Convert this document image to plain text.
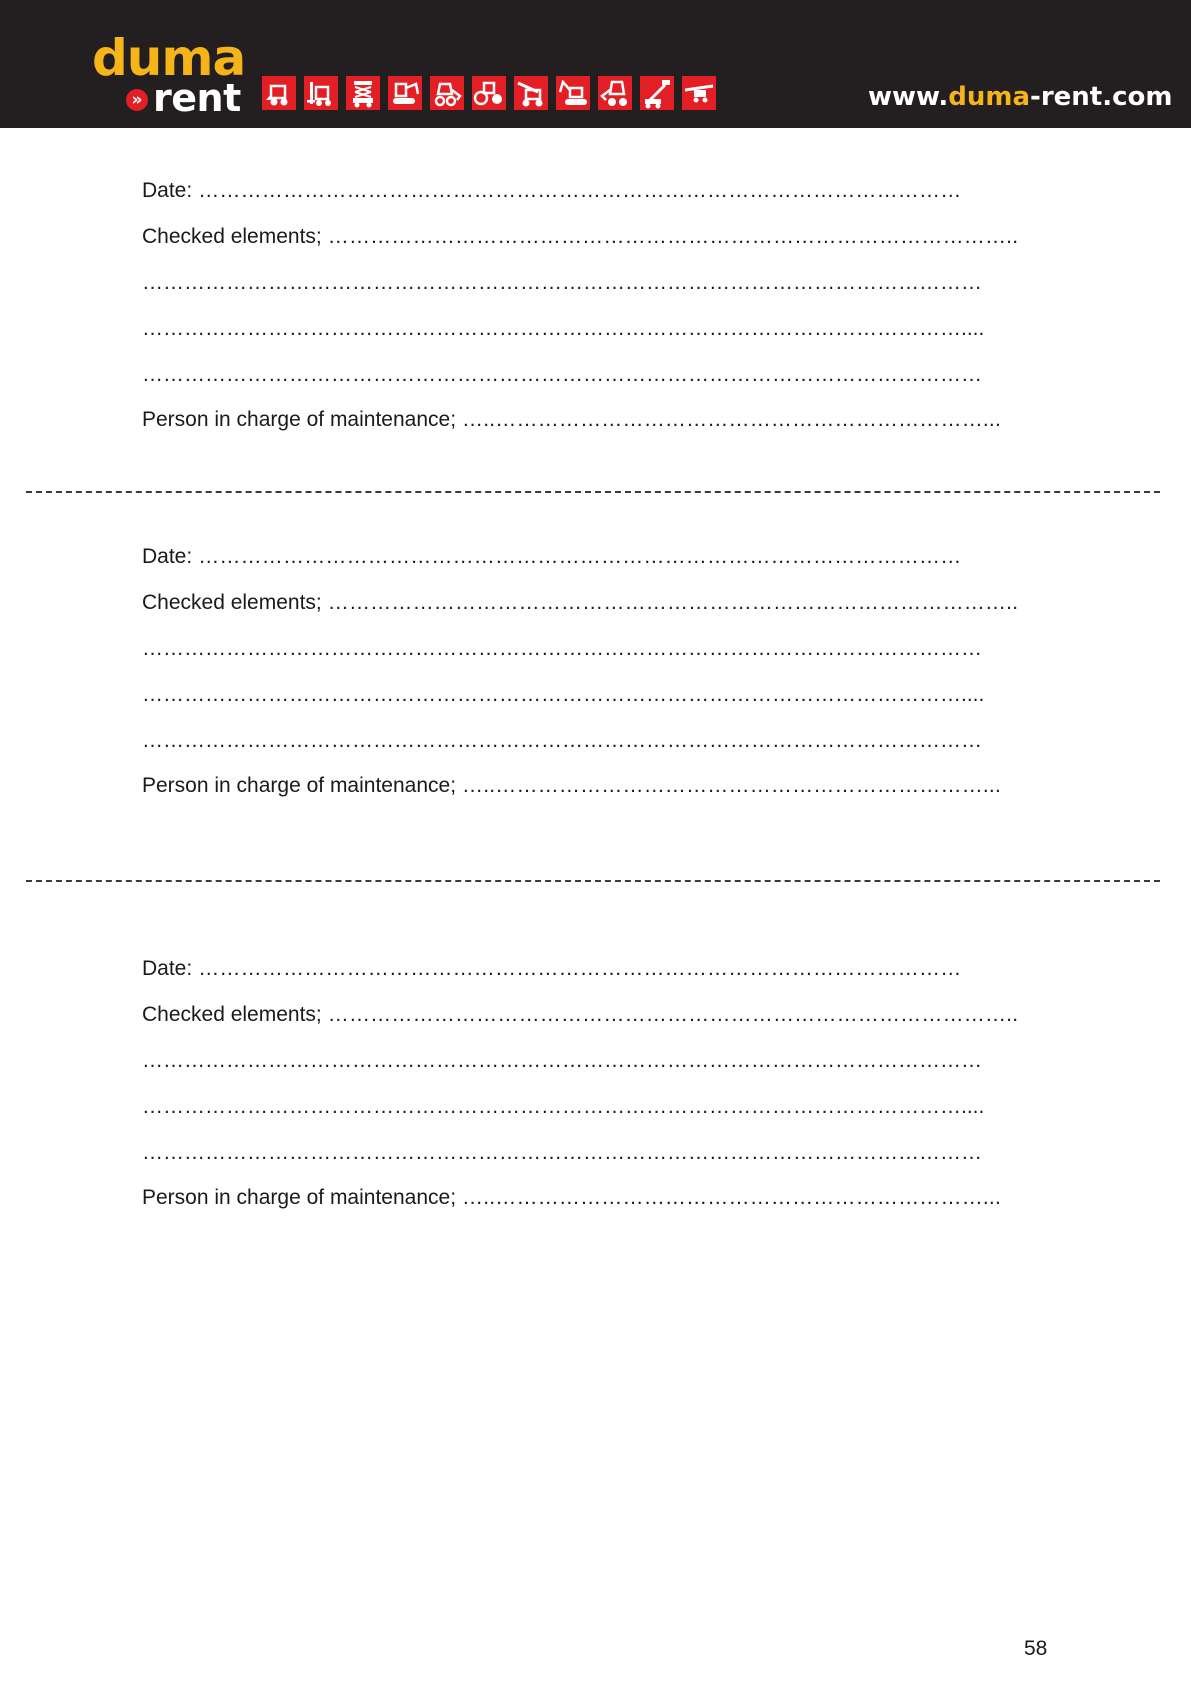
duma
» rent	www.duma-rent.com
Date: ………………………………………………………………………………………………
Checked elements; ……………………………………………………………………………………..
…………………………………………………………………………………………………………
………………………………………………………………………………………………………....
…………………………………………………………………………………………………………
Person in charge of maintenance; …..……………………………………………………………...
Date: ………………………………………………………………………………………………
Checked elements; ……………………………………………………………………………………..
…………………………………………………………………………………………………………
………………………………………………………………………………………………………....
…………………………………………………………………………………………………………
Person in charge of maintenance; …..……………………………………………………………...
Date: ………………………………………………………………………………………………
Checked elements; ……………………………………………………………………………………..
…………………………………………………………………………………………………………
………………………………………………………………………………………………………....
…………………………………………………………………………………………………………
Person in charge of maintenance; …..……………………………………………………………...
58
